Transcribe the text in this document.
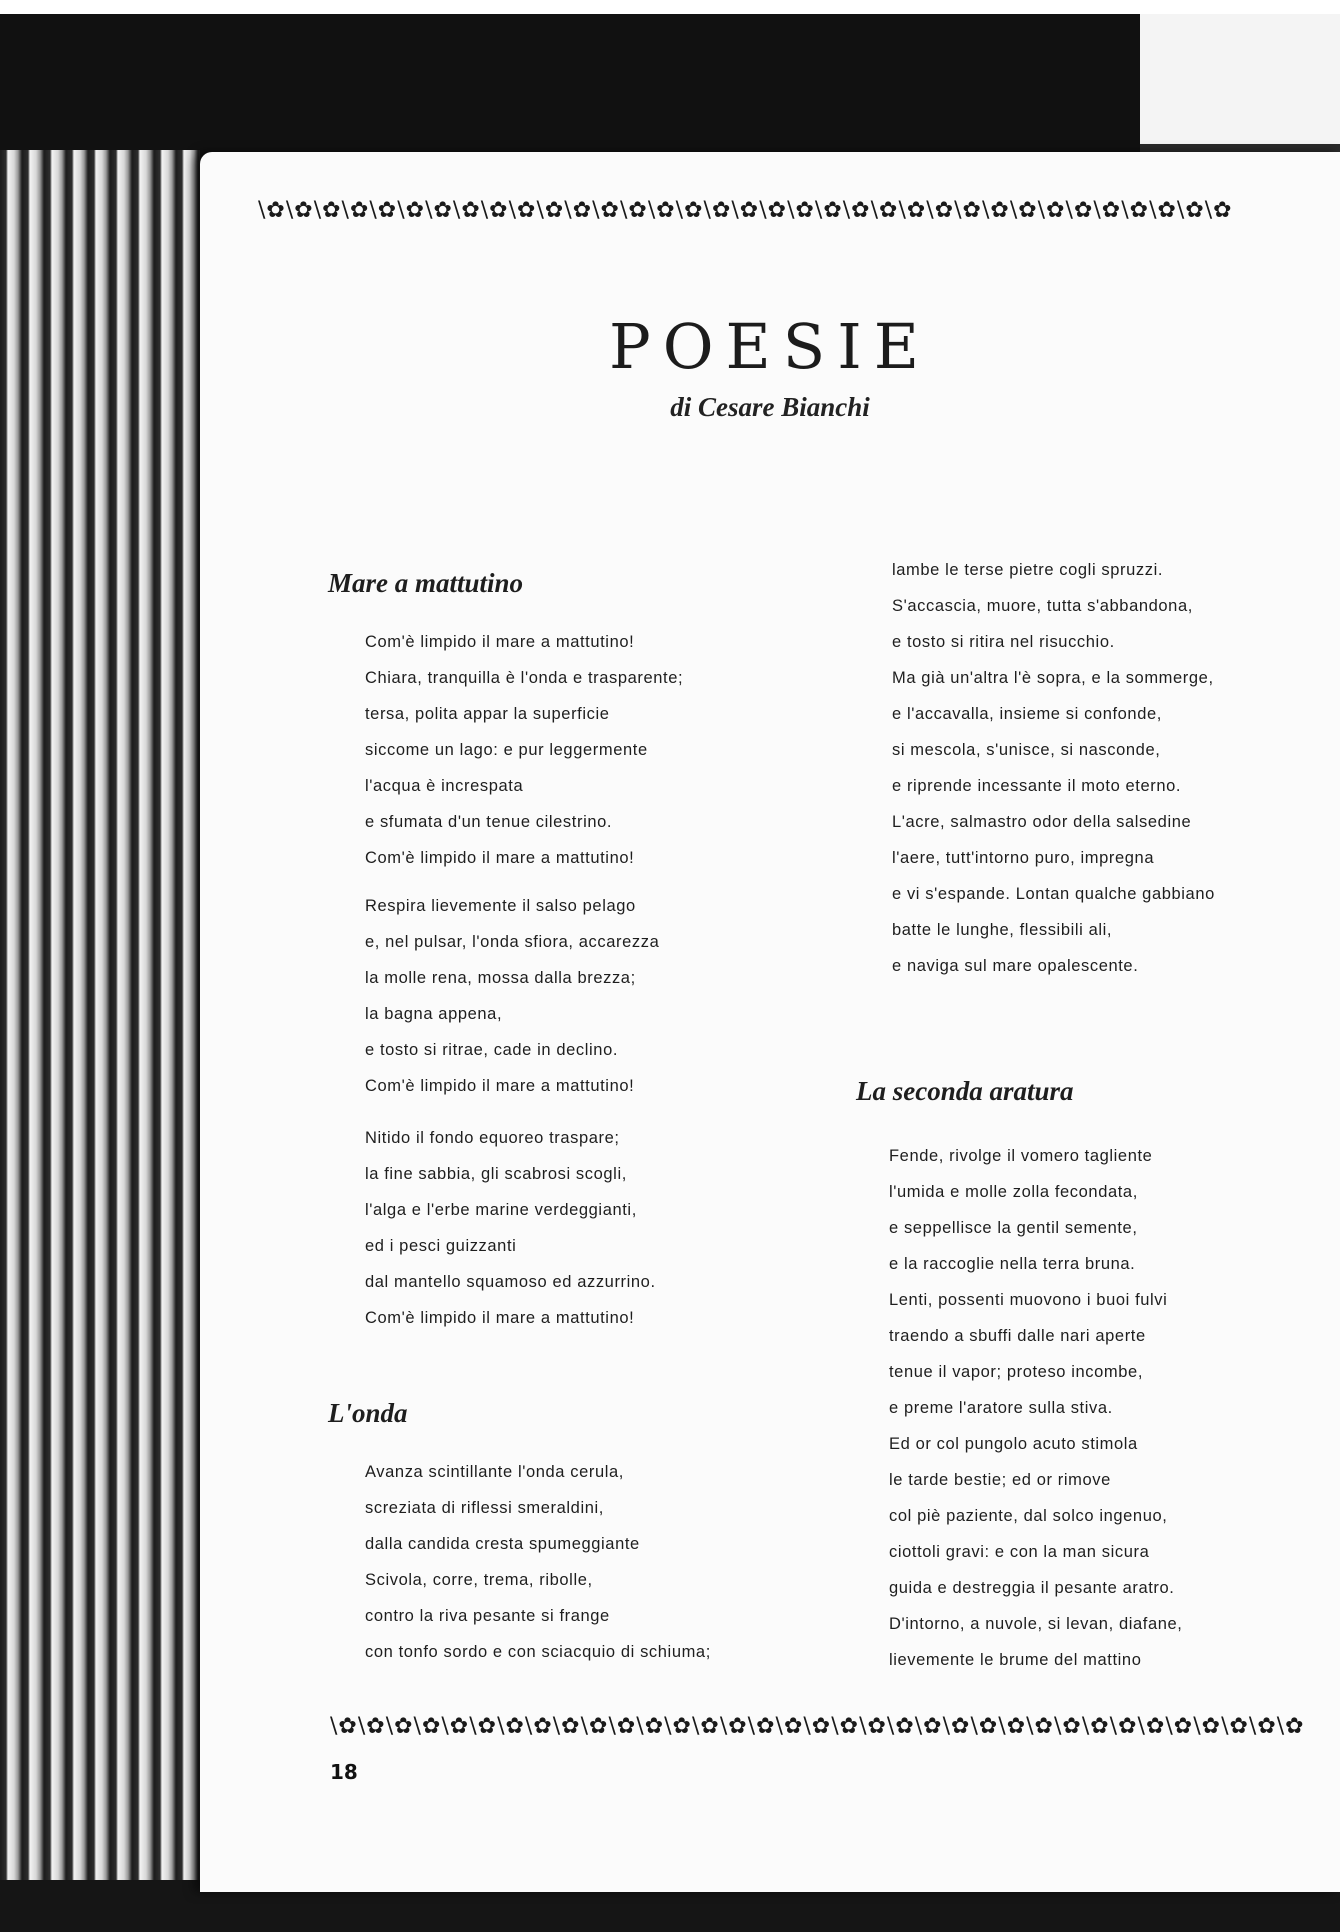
\✿\✿\✿\✿\✿\✿\✿\✿\✿\✿\✿\✿\✿\✿\✿\✿\✿\✿\✿\✿\✿\✿\✿\✿\✿\✿\✿\✿\✿\✿\✿\✿\✿\✿\✿
POESIE
di Cesare Bianchi
Mare a mattutino
Com'è limpido il mare a mattutino!
Chiara, tranquilla è l'onda e trasparente;
tersa, polita appar la superficie
siccome un lago: e pur leggermente
l'acqua è increspata
e sfumata d'un tenue cilestrino.
Com'è limpido il mare a mattutino!
Respira lievemente il salso pelago
e, nel pulsar, l'onda sfiora, accarezza
la molle rena, mossa dalla brezza;
la bagna appena,
e tosto si ritrae, cade in declino.
Com'è limpido il mare a mattutino!
Nitido il fondo equoreo traspare;
la fine sabbia, gli scabrosi scogli,
l'alga e l'erbe marine verdeggianti,
ed i pesci guizzanti
dal mantello squamoso ed azzurrino.
Com'è limpido il mare a mattutino!
L'onda
Avanza scintillante l'onda cerula,
screziata di riflessi smeraldini,
dalla candida cresta spumeggiante
Scivola, corre, trema, ribolle,
contro la riva pesante si frange
con tonfo sordo e con sciacquio di schiuma;
lambe le terse pietre cogli spruzzi.
S'accascia, muore, tutta s'abbandona,
e tosto si ritira nel risucchio.
Ma già un'altra l'è sopra, e la sommerge,
e l'accavalla, insieme si confonde,
si mescola, s'unisce, si nasconde,
e riprende incessante il moto eterno.
L'acre, salmastro odor della salsedine
l'aere, tutt'intorno puro, impregna
e vi s'espande. Lontan qualche gabbiano
batte le lunghe, flessibili ali,
e naviga sul mare opalescente.
La seconda aratura
Fende, rivolge il vomero tagliente
l'umida e molle zolla fecondata,
e seppellisce la gentil semente,
e la raccoglie nella terra bruna.
Lenti, possenti muovono i buoi fulvi
traendo a sbuffi dalle nari aperte
tenue il vapor; proteso incombe,
e preme l'aratore sulla stiva.
Ed or col pungolo acuto stimola
le tarde bestie; ed or rimove
col piè paziente, dal solco ingenuo,
ciottoli gravi: e con la man sicura
guida e destreggia il pesante aratro.
D'intorno, a nuvole, si levan, diafane,
lievemente le brume del mattino
\✿\✿\✿\✿\✿\✿\✿\✿\✿\✿\✿\✿\✿\✿\✿\✿\✿\✿\✿\✿\✿\✿\✿\✿\✿\✿\✿\✿\✿\✿\✿\✿\✿\✿\✿
18
